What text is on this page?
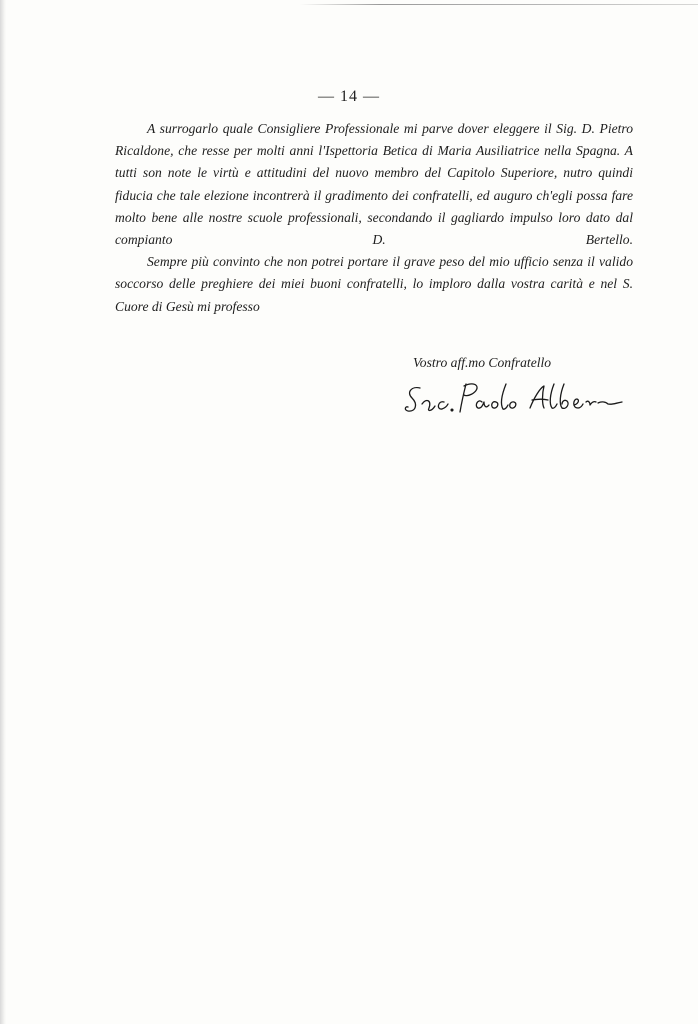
— 14 —

A surrogarlo quale Consigliere Professionale mi parve dover eleggere il Sig. D. Pietro Ricaldone, che resse per molti anni l'Ispettoria Betica di Maria Ausiliatrice nella Spagna. A tutti son note le virtù e attitudini del nuovo membro del Capitolo Superiore, nutro quindi fiducia che tale elezione incontrerà il gradimento dei confratelli, ed auguro ch'egli possa fare molto bene alle nostre scuole professionali, secondando il gagliardo impulso loro dato dal compianto D. Bertello.

Sempre più convinto che non potrei portare il grave peso del mio ufficio senza il valido soccorso delle preghiere dei miei buoni confratelli, lo imploro dalla vostra carità e nel S. Cuore di Gesù mi professo

Vostro aff.mo Confratello
